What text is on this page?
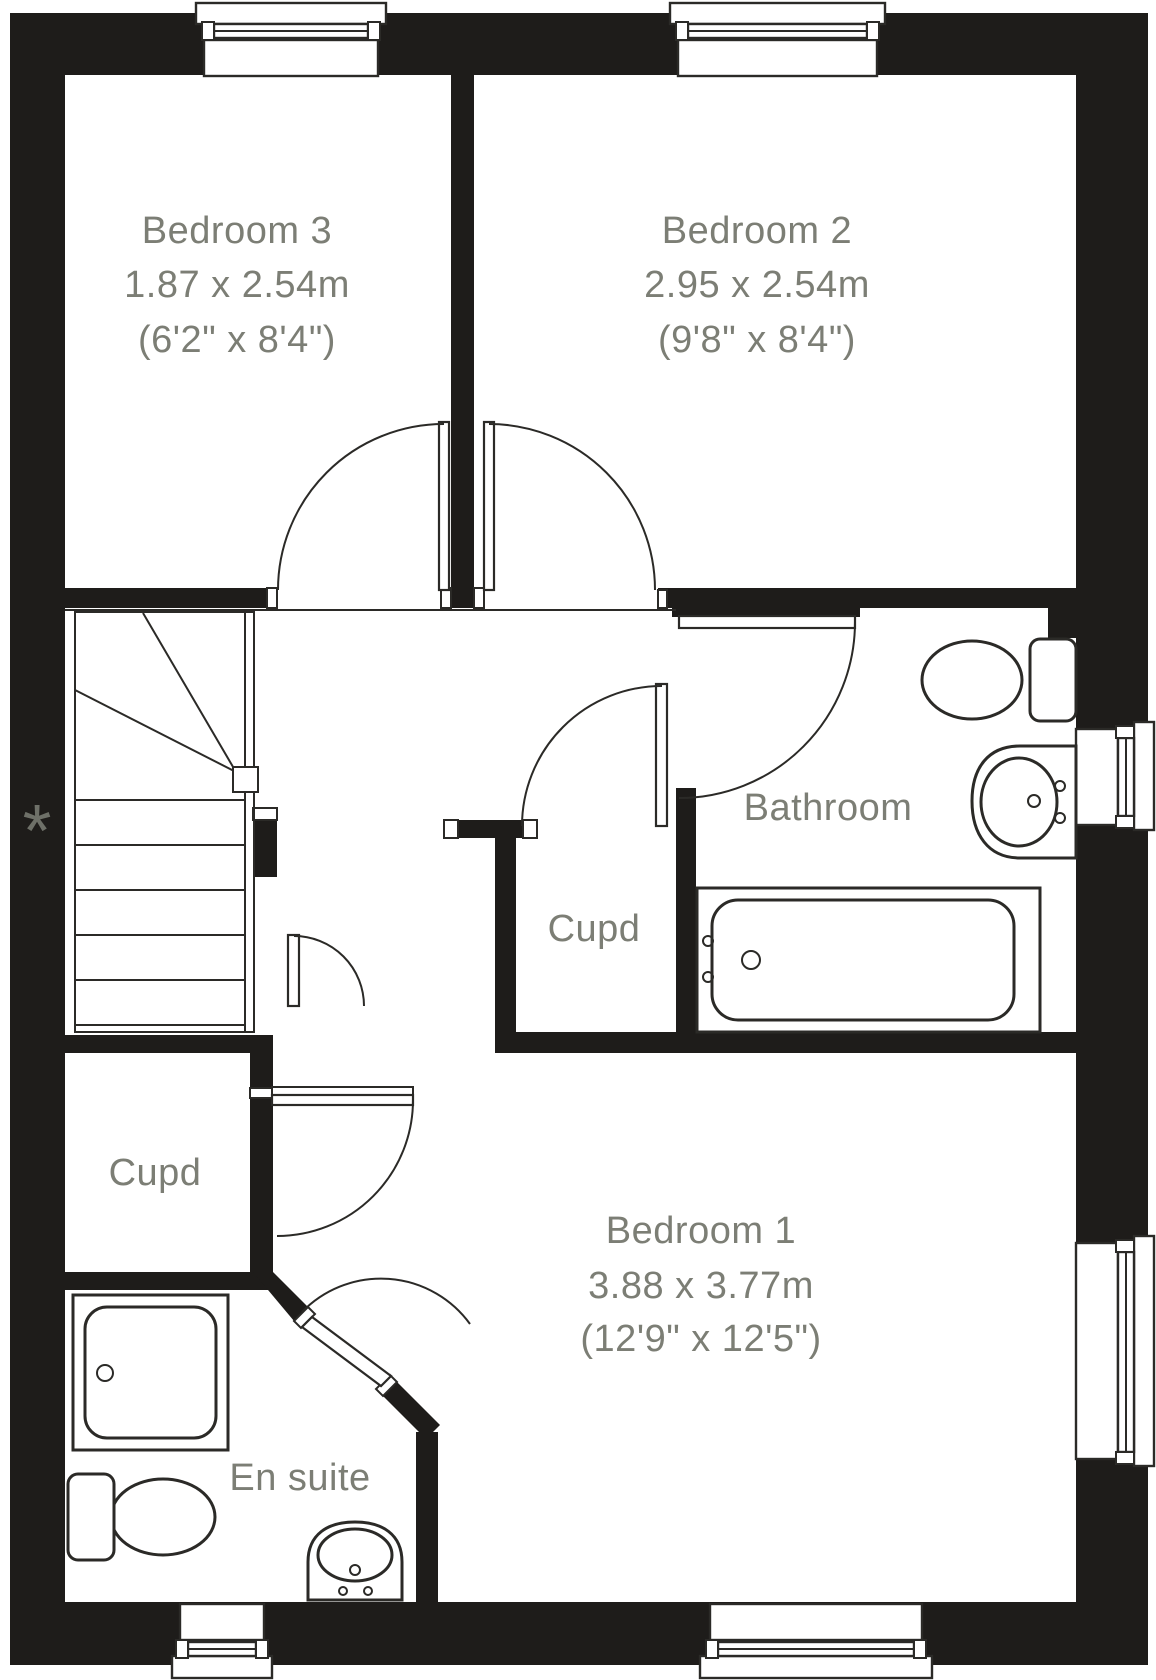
Bedroom 3
1.87 x 2.54m
(6'2" x 8'4")
Bedroom 2
2.95 x 2.54m
(9'8" x 8'4")
Bathroom
Cupd
Cupd
En suite
Bedroom 1
3.88 x 3.77m
(12'9" x 12'5")
*
